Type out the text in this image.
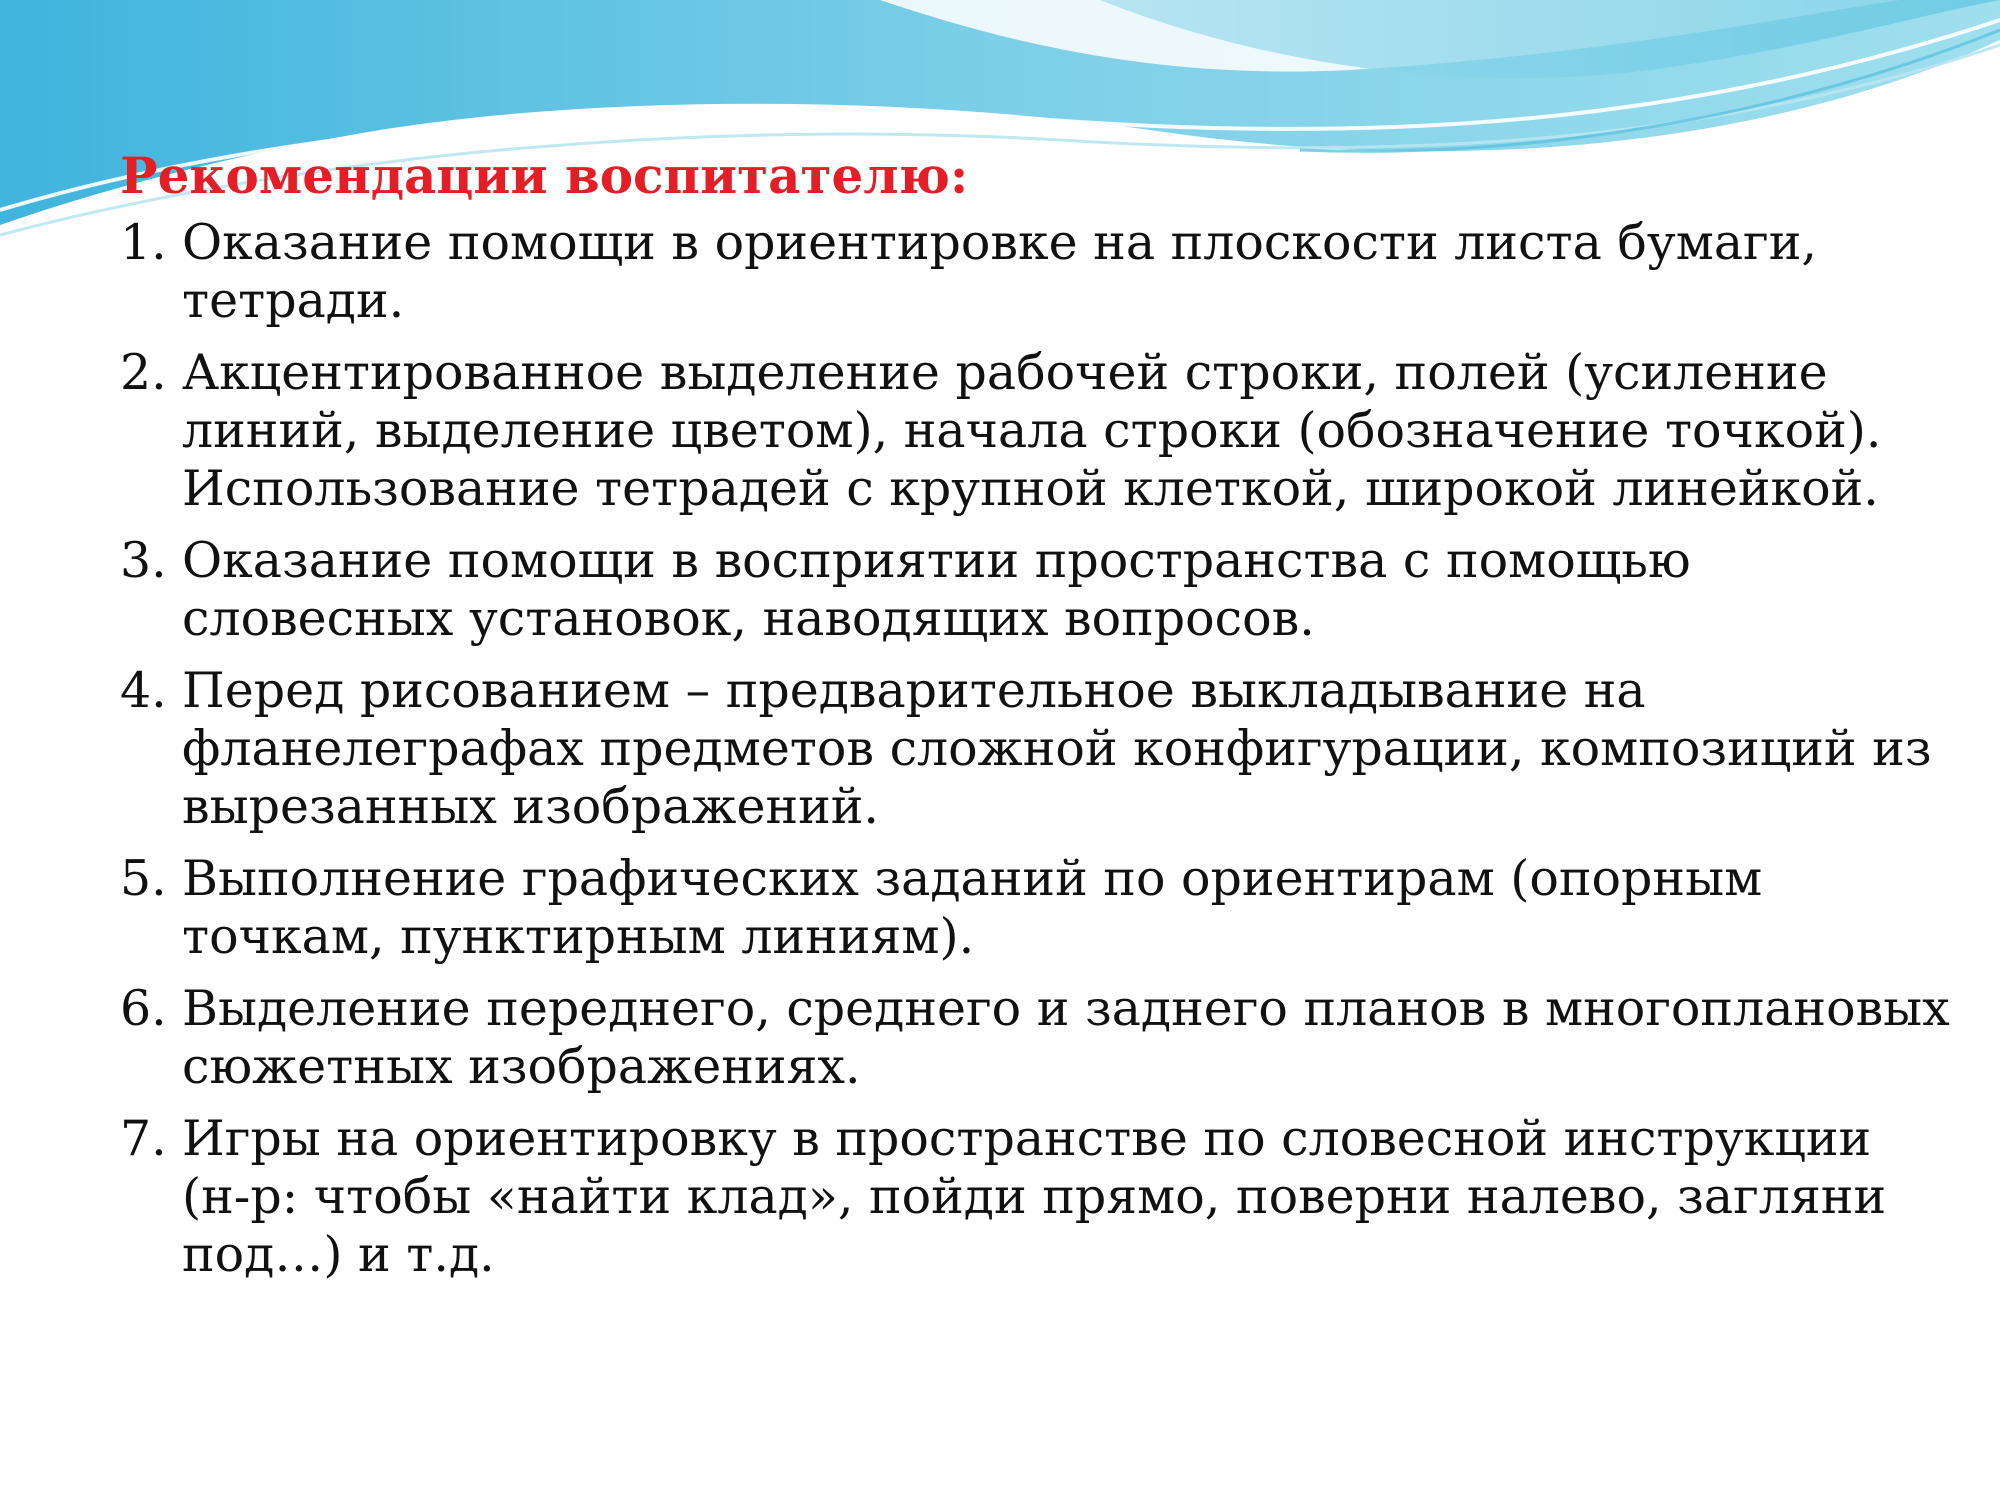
Рекомендации воспитателю:
1. Оказание помощи в ориентировке на плоскости листа бумаги, тетради.
2. Акцентированное выделение рабочей строки, полей (усиление линий, выделение цветом), начала строки (обозначение точкой). Использование тетрадей с крупной клеткой, широкой линейкой.
3. Оказание помощи в восприятии пространства с помощью словесных установок, наводящих вопросов.
4. Перед рисованием – предварительное выкладывание на фланелеграфах предметов сложной конфигурации, композиций из вырезанных изображений.
5. Выполнение графических заданий по ориентирам (опорным точкам, пунктирным линиям).
6. Выделение переднего, среднего и заднего планов в многоплановых сюжетных изображениях.
7. Игры на ориентировку в пространстве по словесной инструкции (н-р: чтобы «найти клад», пойди прямо, поверни налево, загляни под…) и т.д.
